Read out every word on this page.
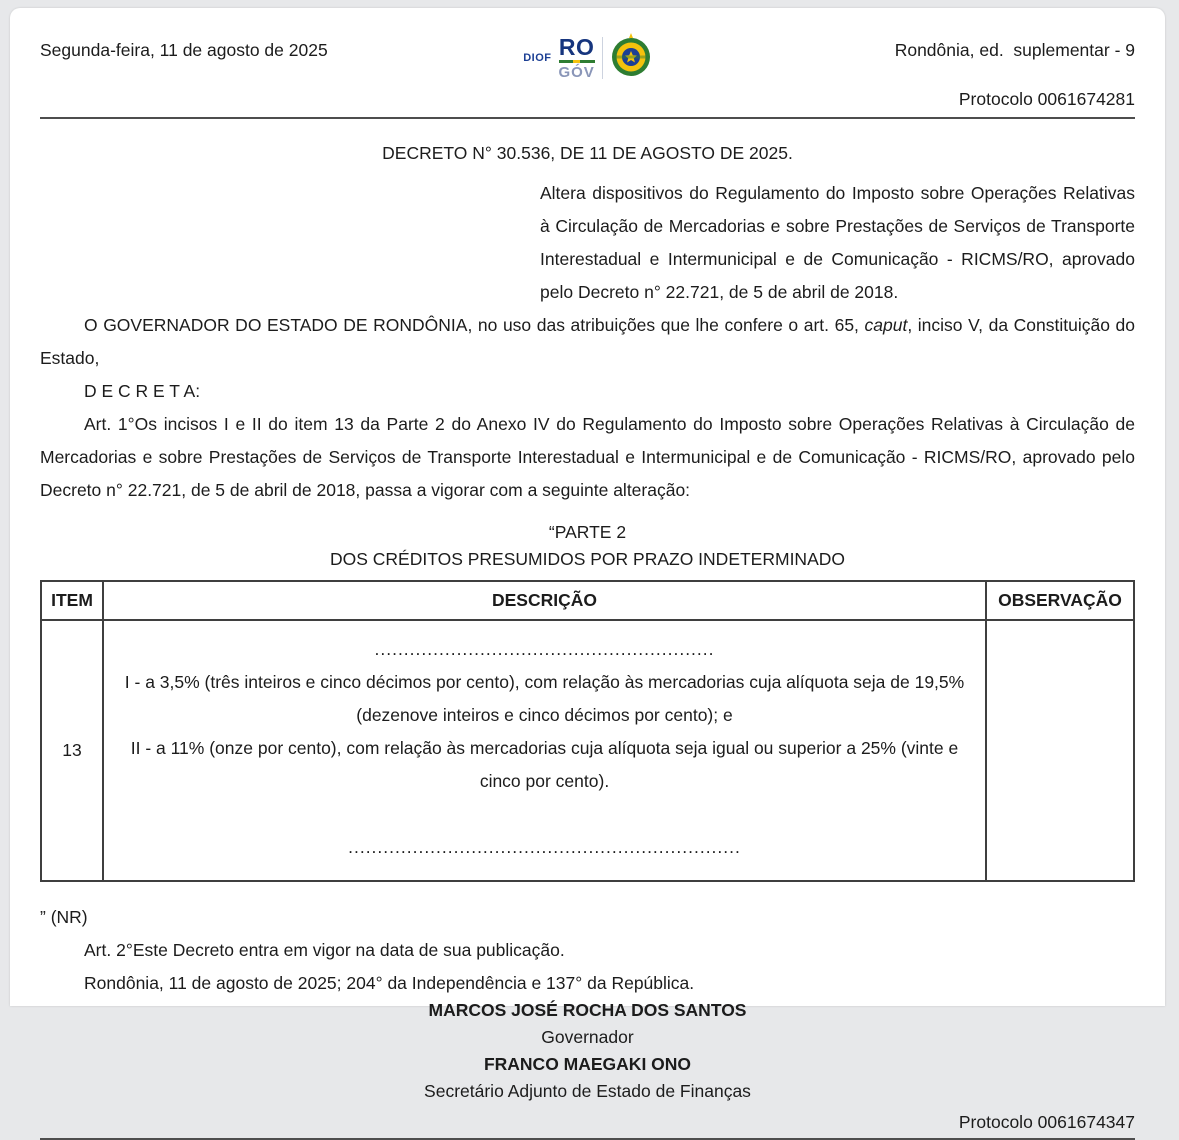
Segunda-feira, 11 de agosto de 2025	DIOF RO
GÓV
Rondônia, ed.  suplementar - 9
Protocolo 0061674281

DECRETO N° 30.536, DE 11 DE AGOSTO DE 2025.

Altera dispositivos do Regulamento do Imposto sobre Operações Relativas à Circulação de Mercadorias e sobre Prestações de Serviços de Transporte Interestadual e Intermunicipal e de Comunicação - RICMS/RO, aprovado pelo Decreto n° 22.721, de 5 de abril de 2018.

O GOVERNADOR DO ESTADO DE RONDÔNIA, no uso das atribuições que lhe confere o art. 65, caput, inciso V, da Constituição do Estado,

D E C R E T A:

Art. 1°Os incisos I e II do item 13 da Parte 2 do Anexo IV do Regulamento do Imposto sobre Operações Relativas à Circulação de Mercadorias e sobre Prestações de Serviços de Transporte Interestadual e Intermunicipal e de Comunicação - RICMS/RO, aprovado pelo Decreto n° 22.721, de 5 de abril de 2018, passa a vigorar com a seguinte alteração:

“PARTE 2

DOS CRÉDITOS PRESUMIDOS POR PRAZO INDETERMINADO

ITEM	DESCRIÇÃO	OBSERVAÇÃO
13	..........................................................
I - a 3,5% (três inteiros e cinco décimos por cento), com relação às mercadorias cuja alíquota seja de 19,5% (dezenove inteiros e cinco décimos por cento); e
II - a 11% (onze por cento), com relação às mercadorias cuja alíquota seja igual ou superior a 25% (vinte e cinco por cento).
...................................................................	

” (NR)

Art. 2°Este Decreto entra em vigor na data de sua publicação.

Rondônia, 11 de agosto de 2025; 204° da Independência e 137° da República.

MARCOS JOSÉ ROCHA DOS SANTOS

Governador

FRANCO MAEGAKI ONO

Secretário Adjunto de Estado de Finanças

Protocolo 0061674347
